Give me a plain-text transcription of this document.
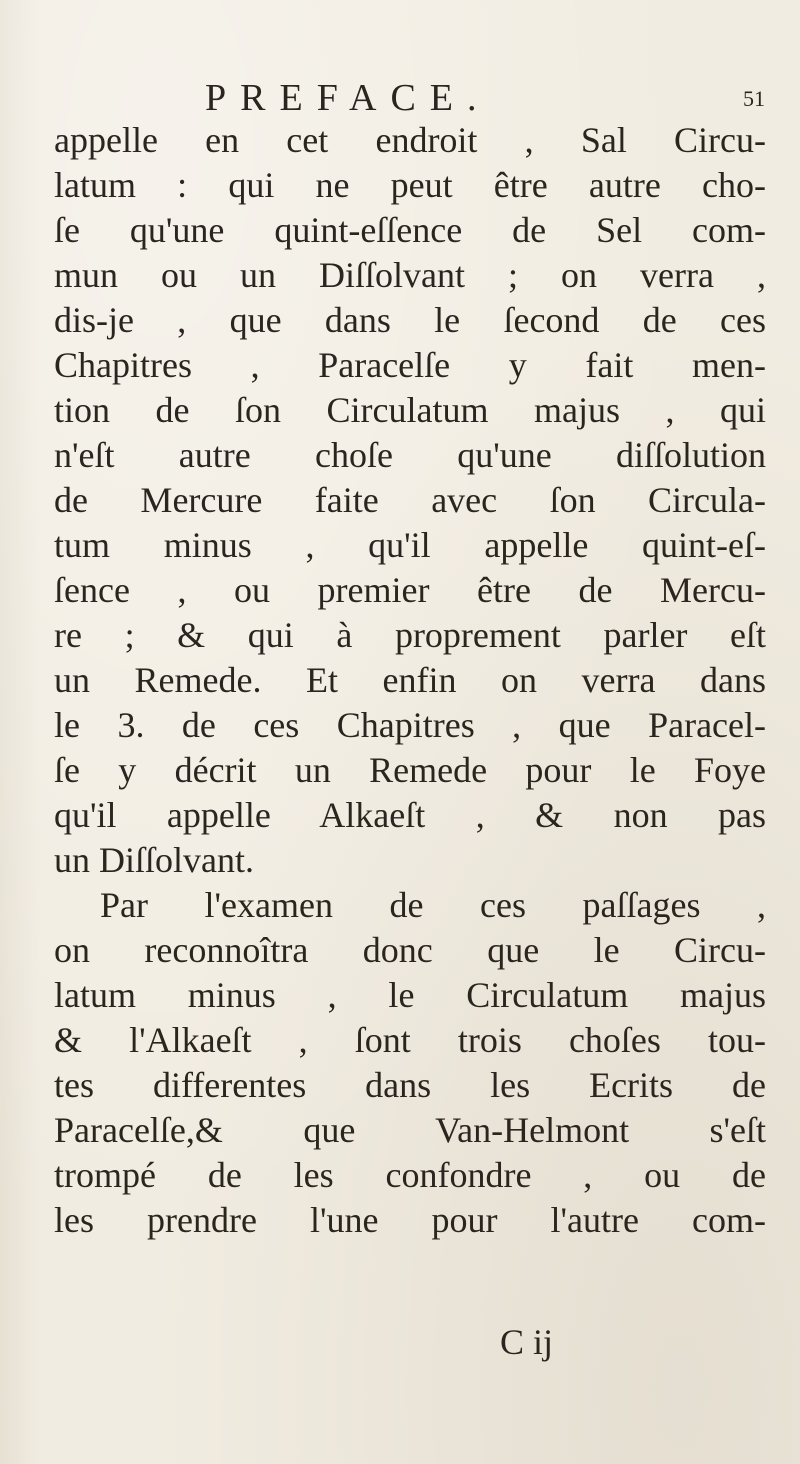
PREFACE.	51
appelle en cet endroit , Sal Circu-
latum : qui ne peut être autre cho-
ſe qu'une quint-eſſence de Sel com-
mun ou un Diſſolvant ; on verra ,
dis-je , que dans le ſecond de ces
Chapitres , Paracelſe y fait men-
tion de ſon Circulatum majus , qui
n'eſt autre choſe qu'une diſſolution
de Mercure faite avec ſon Circula-
tum minus , qu'il appelle quint-eſ-
ſence , ou premier être de Mercu-
re ; & qui à proprement parler eſt
un Remede. Et enfin on verra dans
le 3. de ces Chapitres , que Paracel-
ſe y décrit un Remede pour le Foye
qu'il appelle Alkaeſt , & non pas
un Diſſolvant.
Par l'examen de ces paſſages ,
on reconnoîtra donc que le Circu-
latum minus , le Circulatum majus
& l'Alkaeſt , ſont trois choſes tou-
tes differentes dans les Ecrits de
Paracelſe,& que Van-Helmont s'eſt
trompé de les confondre , ou de
les prendre l'une pour l'autre com-
C ij
